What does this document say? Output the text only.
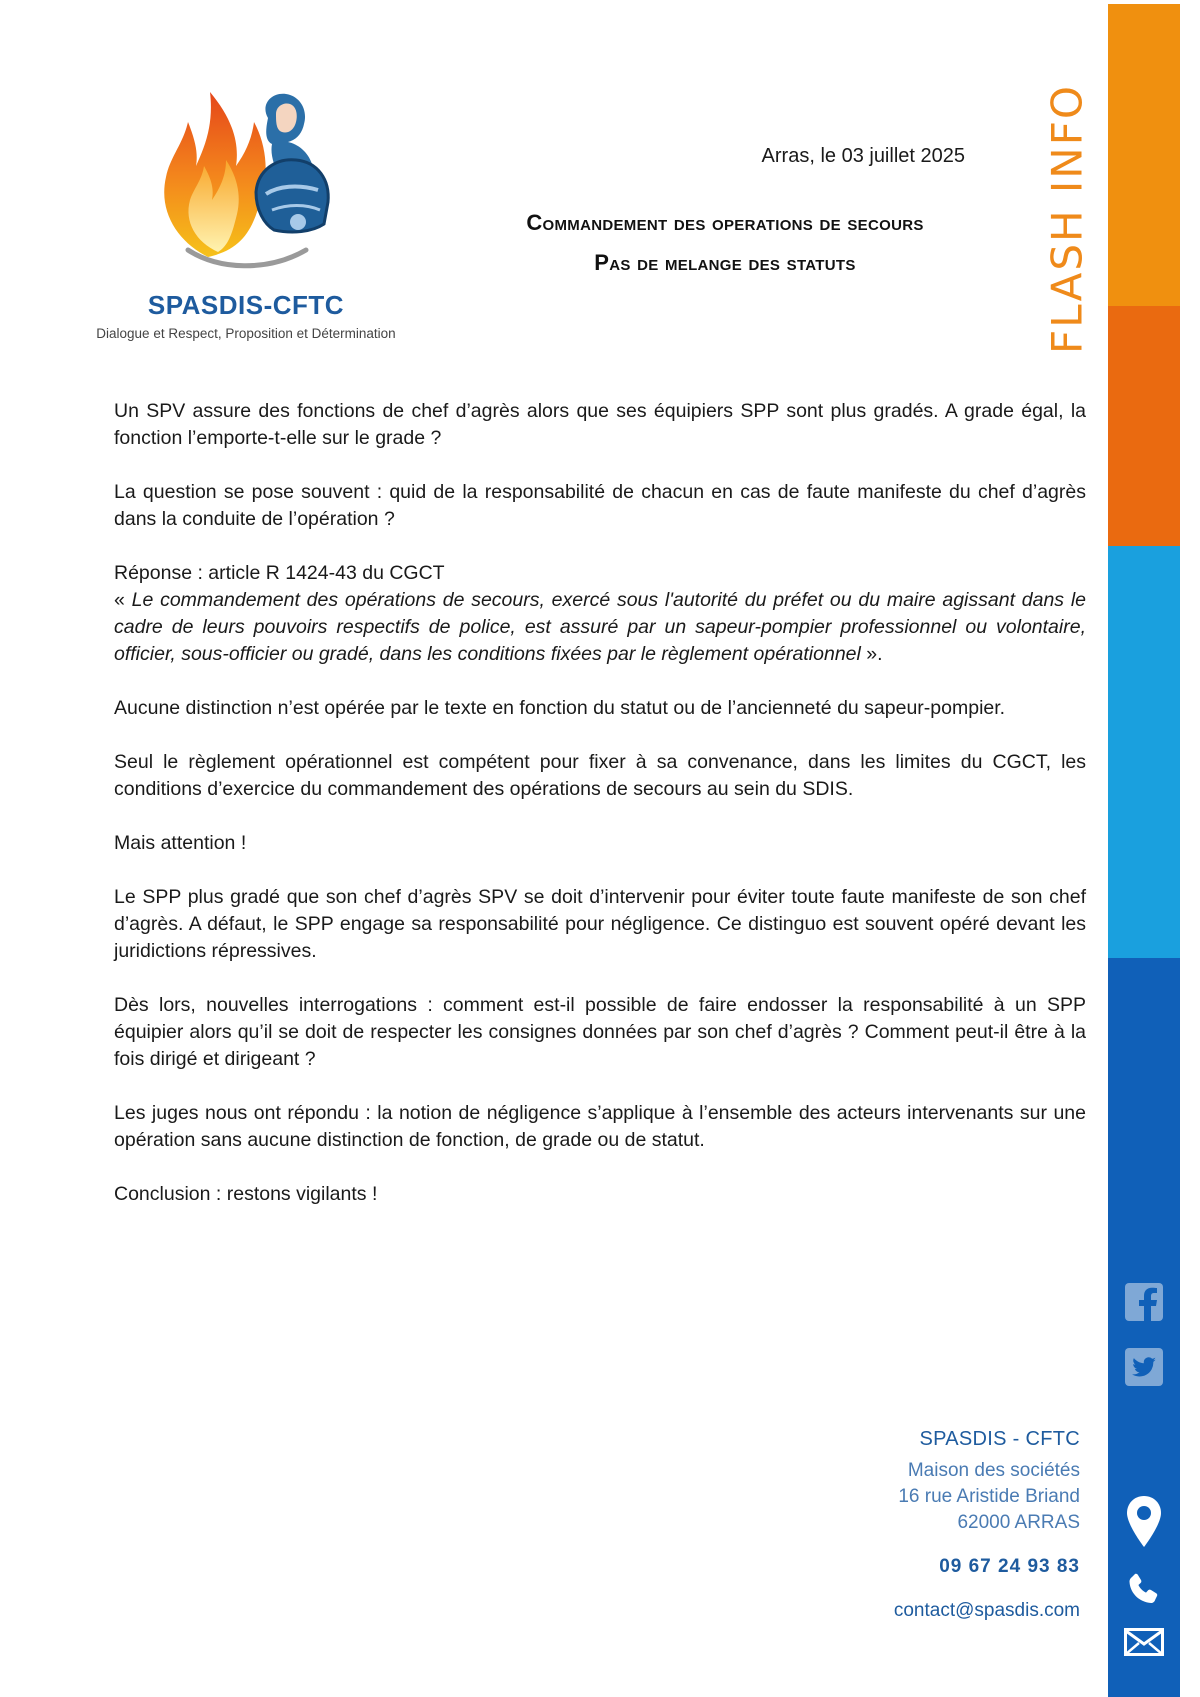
FLASH INFO
SPASDIS-CFTC
Dialogue et Respect, Proposition et Détermination
Arras, le 03 juillet 2025
Commandement des operations de secours
Pas de melange des statuts

Un SPV assure des fonctions de chef d’agrès alors que ses équipiers SPP sont plus gradés. A grade égal, la fonction l’emporte-t-elle sur le grade ?

La question se pose souvent : quid de la responsabilité de chacun en cas de faute manifeste du chef d’agrès dans la conduite de l’opération ?

Réponse : article R 1424-43 du CGCT

« Le commandement des opérations de secours, exercé sous l'autorité du préfet ou du maire agissant dans le cadre de leurs pouvoirs respectifs de police, est assuré par un sapeur-pompier professionnel ou volontaire, officier, sous-officier ou gradé, dans les conditions fixées par le règlement opérationnel ».

Aucune distinction n’est opérée par le texte en fonction du statut ou de l’ancienneté du sapeur-pompier.

Seul le règlement opérationnel est compétent pour fixer à sa convenance, dans les limites du CGCT, les conditions d’exercice du commandement des opérations de secours au sein du SDIS.

Mais attention !

Le SPP plus gradé que son chef d’agrès SPV se doit d’intervenir pour éviter toute faute manifeste de son chef d’agrès. A défaut, le SPP engage sa responsabilité pour négligence. Ce distinguo est souvent opéré devant les juridictions répressives.

Dès lors, nouvelles interrogations : comment est-il possible de faire endosser la responsabilité à un SPP équipier alors qu’il se doit de respecter les consignes données par son chef d’agrès ? Comment peut-il être à la fois dirigé et dirigeant ?

Les juges nous ont répondu : la notion de négligence s’applique à l’ensemble des acteurs intervenants sur une opération sans aucune distinction de fonction, de grade ou de statut.

Conclusion : restons vigilants !

SPASDIS - CFTC
Maison des sociétés
16 rue Aristide Briand
62000 ARRAS
09 67 24 93 83
contact@spasdis.com
